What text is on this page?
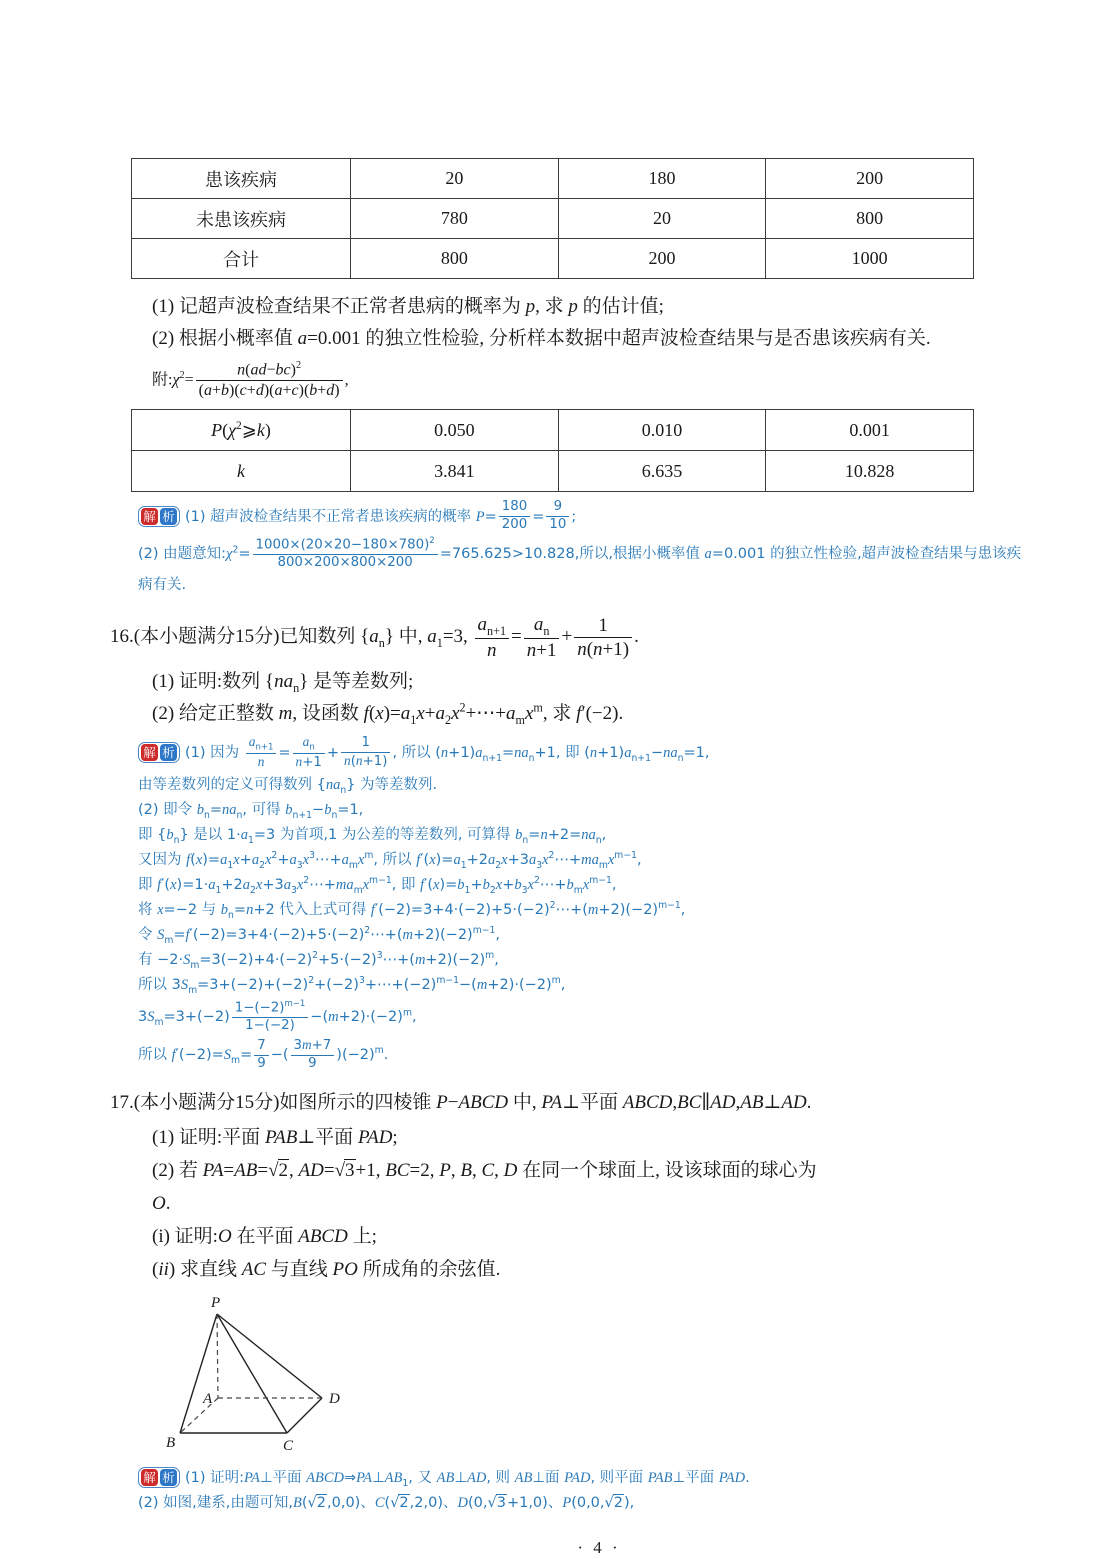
患该疾病	20	180	200
未患该疾病	780	20	800
合计	800	200	1000
(1) 记超声波检查结果不正常者患病的概率为 p, 求 p 的估计值;
(2) 根据小概率值 a=0.001 的独立性检验, 分析样本数据中超声波检查结果与是否患该疾病有关.
附$:\chi^2= \frac{n(ad-bc)^2}{(a+b)(c+d)(a+c)(b+d)}$ ,
$P(\chi^2⩾k)$	0.050	0.010	0.001
k	3.841	6.635	10.828
解 析 (1) 超声波检查结果不正常者患该疾病的概率 $P= \frac{180}{200} = \frac{9}{10}$ ;
(2) 由题意知$:\chi^2= \frac{1000\times(20\times 20-180\times 780)^2}{800\times 200\times 800\times 200} =765.625>10.828$,所以,根据小概率值 a=0.001 的独立性检验,超声波检查结果与患该疾
病有关.
16.(本小题满分15分)已知数列 $\{a_n\}$ 中, $a_1=3$, $\frac{a_{n+1}}{n} = \frac{a_n}{n+1} + \frac{1}{n(n+1)}$ .
(1) 证明:数列 $\{na_n\}$ 是等差数列;
(2) 给定正整数 m, 设函数 $f(x)=a_1x+a_2x^2+\cdots+a_mx^m$, 求 f′(−2).
解 析 (1) 因为 $\frac{a_{n+1}}{n} = \frac{a_n}{n+1} + \frac{1}{n(n+1)}$ , 所以 $(n+1)a_{n+1}=na_n+1$, 即 $(n+1)a_{n+1}-na_n=1$,
由等差数列的定义可得数列 $\{na_n\}$ 为等差数列.
(2) 即令 $b_n=na_n$, 可得 $b_{n+1}-b_n=1$,
即 $\{b_n\}$ 是以 $1\cdot a_1=3$ 为首项,1 为公差的等差数列, 可算得 $b_n=n+2=na_n$,
又因为 $f(x)=a_1x+a_2x^2+a_3x^3\cdots+a_mx^m$, 所以 $f'(x)=a_1+2a_2x+3a_3x^2\cdots+ma_mx^{m-1}$,
即 $f'(x)=1\cdot a_1+2a_2x+3a_3x^2\cdots+ma_mx^{m-1}$, 即 $f'(x)=b_1+b_2x+b_3x^2\cdots+b_mx^{m-1}$,
将 x=−2 与 $b_n=n+2$ 代入上式可得 $f'(-2)=3+4\cdot(-2)+5\cdot(-2)^2\cdots+(m+2)(-2)^{m-1}$,
令 $S_m=f'(-2)=3+4\cdot(-2)+5\cdot(-2)^2\cdots+(m+2)(-2)^{m-1}$,
有 $-2\cdot S_m=3(-2)+4\cdot(-2)^2+5\cdot(-2)^3\cdots+(m+2)(-2)^m$,
所以 $3S_m=3+(-2)+(-2)^2+(-2)^3+\cdots+(-2)^{m-1}-(m+2)\cdot(-2)^m$,
$3S_m=3+(-2) \frac{1-(-2)^{m-1}}{1-(-2)} -(m+2)\cdot(-2)^m$,
所以 $f'(-2)=S_m= \frac{7}{9}$ −( $\frac{3m+7}{9} )(-2)^m$.
17.(本小题满分15分)如图所示的四棱锥 P−ABCD 中, PA⊥平面 ABCD,BC∥AD,AB⊥AD.
(1) 证明:平面 PAB⊥平面 PAD;
(2) 若 PA=AB=√2, AD=√3+1, BC=2, P, B, C, D 在同一个球面上, 设该球面的球心为
O.
(i) 证明:O 在平面 ABCD 上;
(ii) 求直线 AC 与直线 PO 所成角的余弦值.
P
A
B	C
D
解 析 (1) 证明:PA⊥平面 $ABCD\Rightarrow PA\perp AB_1$, 又 AB⊥AD, 则 AB⊥面 PAD, 则平面 PAB⊥平面 PAD.
(2) 如图,建系,由题可知,B(√2,0,0)、C(√2,2,0)、D(0,√3+1,0)、P(0,0,√2),
· 4 ·
